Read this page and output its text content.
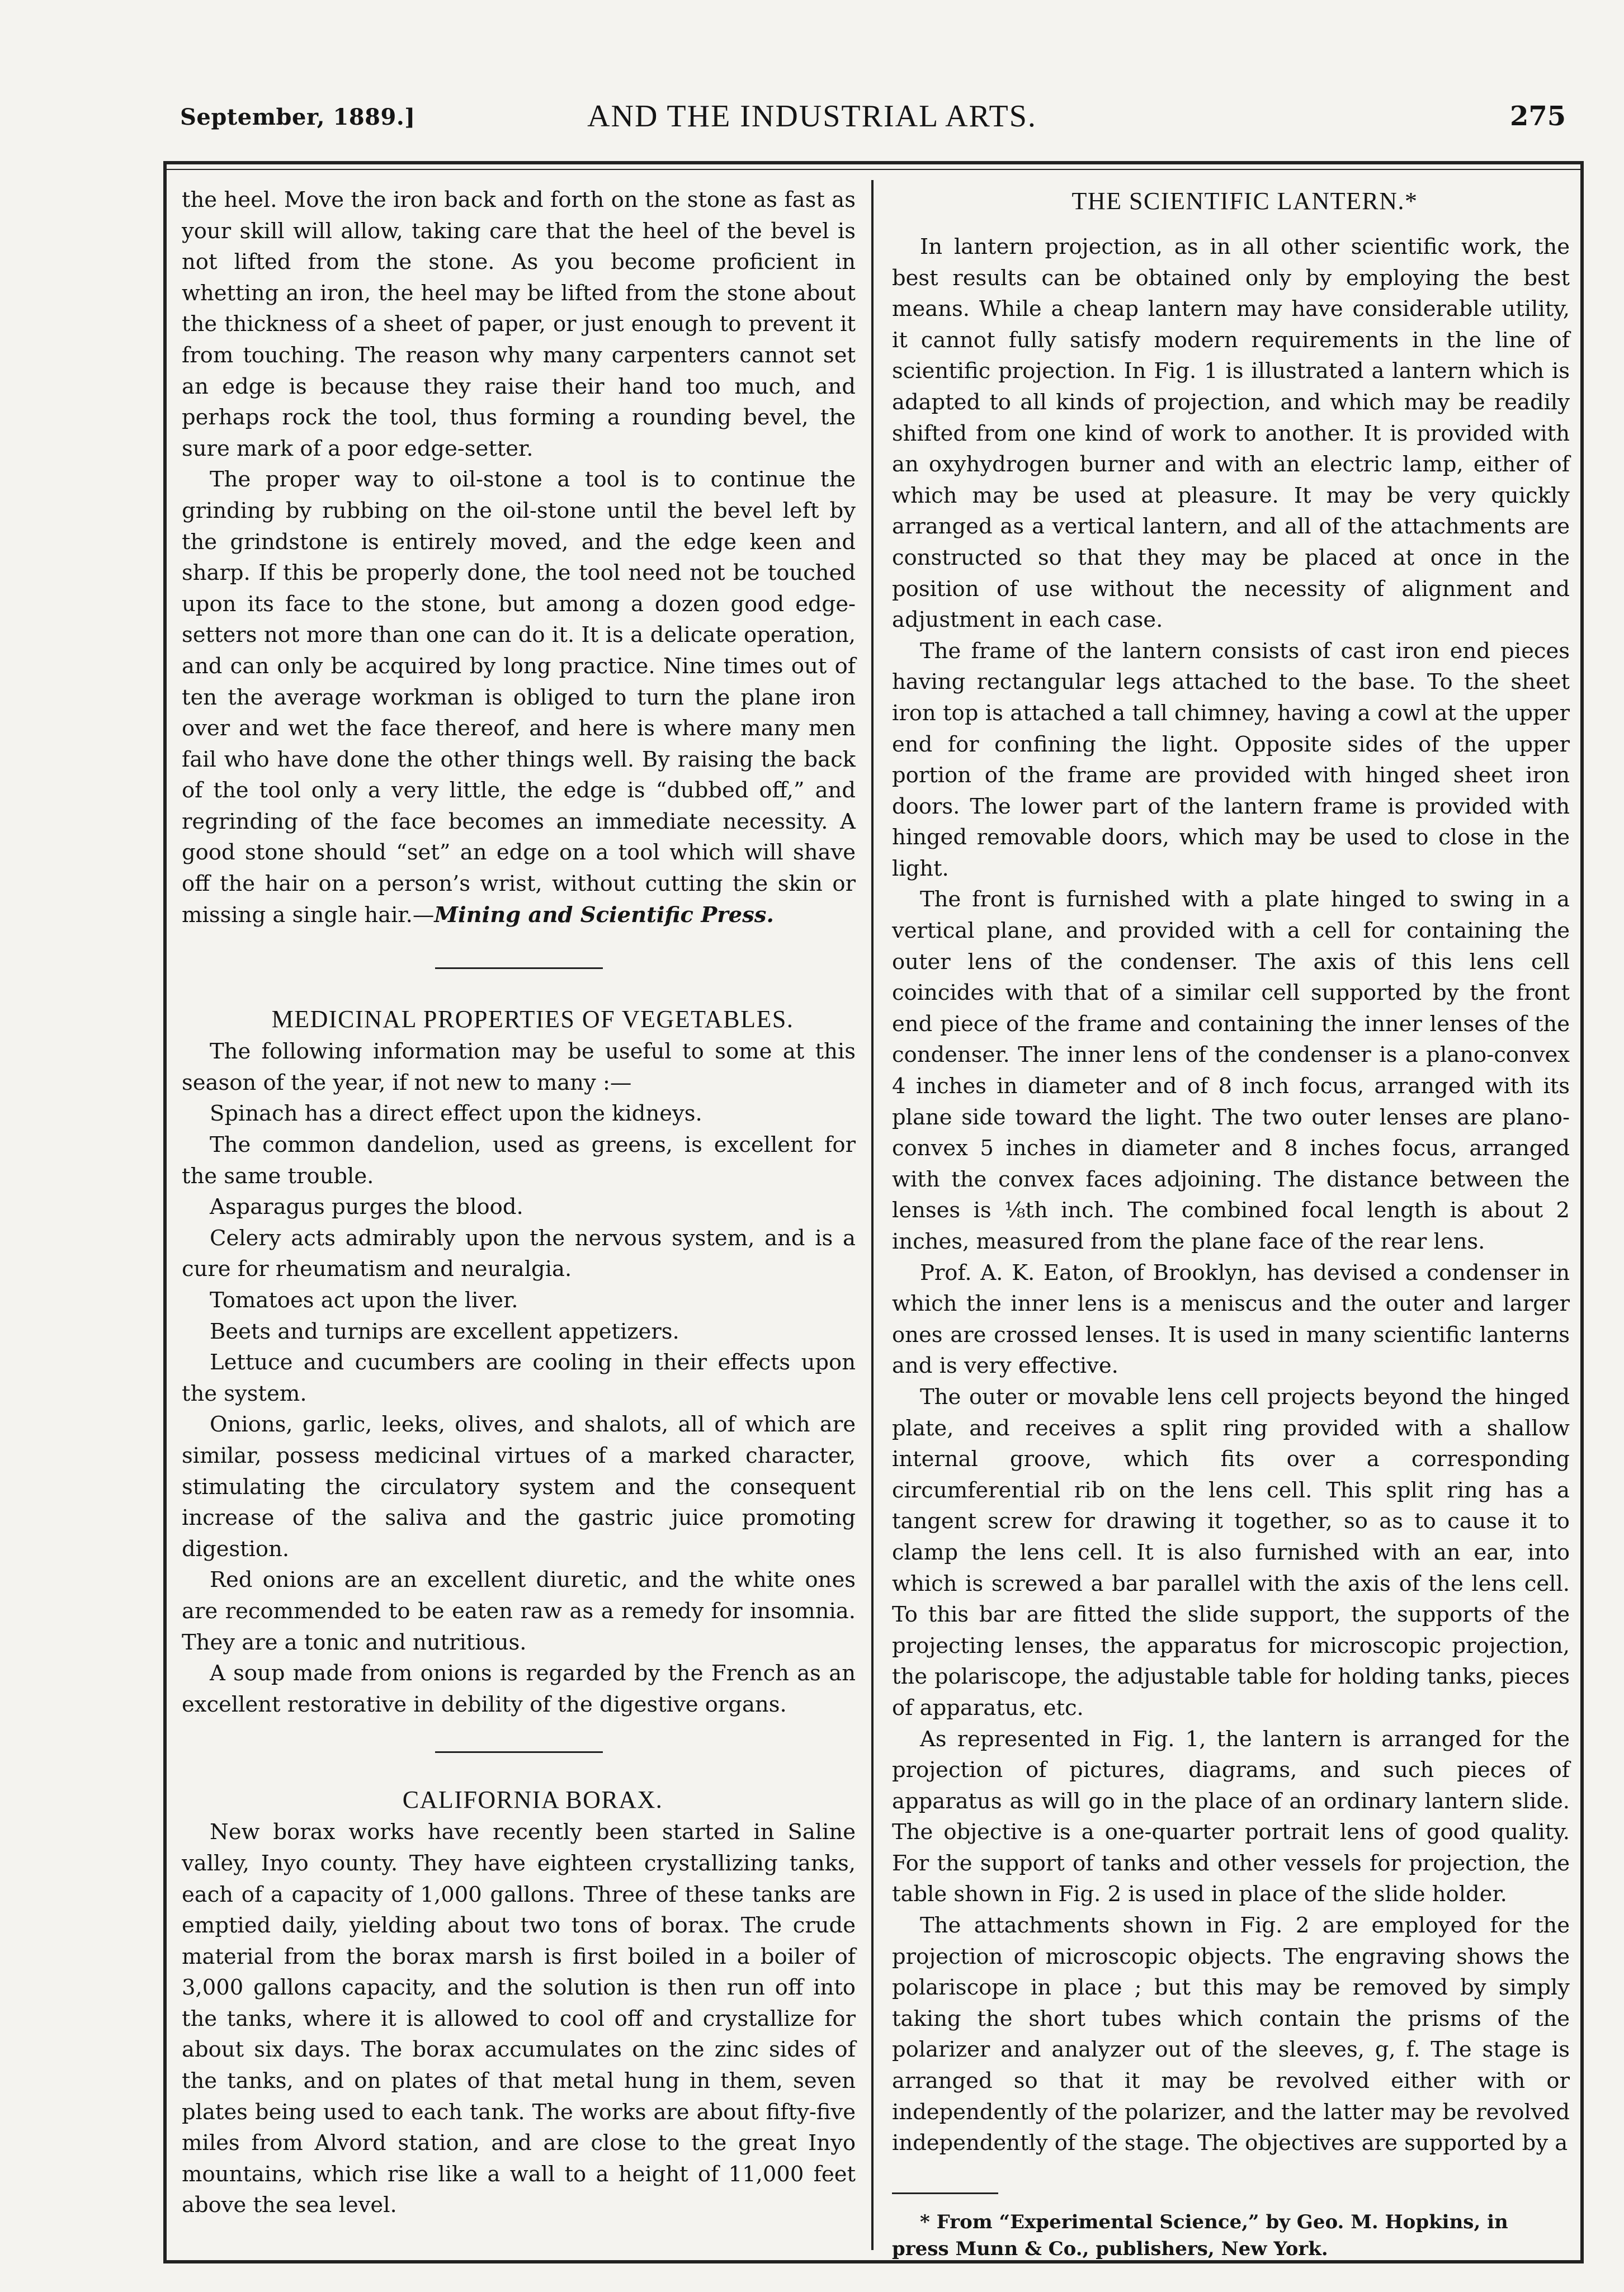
September, 1889.]	AND THE INDUSTRIAL ARTS.	275

the heel. Move the iron back and forth on the stone as fast as your skill will allow, taking care that the heel of the bevel is not lifted from the stone. As you become proficient in whetting an iron, the heel may be lifted from the stone about the thickness of a sheet of paper, or just enough to prevent it from touching. The reason why many carpenters cannot set an edge is because they raise their hand too much, and perhaps rock the tool, thus forming a rounding bevel, the sure mark of a poor edge-setter.

The proper way to oil-stone a tool is to continue the grinding by rubbing on the oil-stone until the bevel left by the grindstone is entirely moved, and the edge keen and sharp. If this be properly done, the tool need not be touched upon its face to the stone, but among a dozen good edge-setters not more than one can do it. It is a delicate operation, and can only be acquired by long practice. Nine times out of ten the average workman is obliged to turn the plane iron over and wet the face thereof, and here is where many men fail who have done the other things well. By raising the back of the tool only a very little, the edge is “dubbed off,” and regrinding of the face becomes an immediate necessity. A good stone should “set” an edge on a tool which will shave off the hair on a person’s wrist, without cutting the skin or missing a single hair.—Mining and Scientific Press.

MEDICINAL PROPERTIES OF VEGETABLES.

The following information may be useful to some at this season of the year, if not new to many :—

Spinach has a direct effect upon the kidneys.

The common dandelion, used as greens, is excellent for the same trouble.

Asparagus purges the blood.

Celery acts admirably upon the nervous system, and is a cure for rheumatism and neuralgia.

Tomatoes act upon the liver.

Beets and turnips are excellent appetizers.

Lettuce and cucumbers are cooling in their effects upon the system.

Onions, garlic, leeks, olives, and shalots, all of which are similar, possess medicinal virtues of a marked character, stimulating the circulatory system and the consequent increase of the saliva and the gastric juice promoting digestion.

Red onions are an excellent diuretic, and the white ones are recommended to be eaten raw as a remedy for insomnia. They are a tonic and nutritious.

A soup made from onions is regarded by the French as an excellent restorative in debility of the digestive organs.

CALIFORNIA BORAX.

New borax works have recently been started in Saline valley, Inyo county. They have eighteen crystallizing tanks, each of a capacity of 1,000 gallons. Three of these tanks are emptied daily, yielding about two tons of borax. The crude material from the borax marsh is first boiled in a boiler of 3,000 gallons capacity, and the solution is then run off into the tanks, where it is allowed to cool off and crystallize for about six days. The borax accumulates on the zinc sides of the tanks, and on plates of that metal hung in them, seven plates being used to each tank. The works are about fifty-five miles from Alvord station, and are close to the great Inyo mountains, which rise like a wall to a height of 11,000 feet above the sea level.

THE SCIENTIFIC LANTERN.*

In lantern projection, as in all other scientific work, the best results can be obtained only by employing the best means. While a cheap lantern may have considerable utility, it cannot fully satisfy modern requirements in the line of scientific projection. In Fig. 1 is illustrated a lantern which is adapted to all kinds of projection, and which may be readily shifted from one kind of work to another. It is provided with an oxyhydrogen burner and with an electric lamp, either of which may be used at pleasure. It may be very quickly arranged as a vertical lantern, and all of the attachments are constructed so that they may be placed at once in the position of use without the necessity of alignment and adjustment in each case.

The frame of the lantern consists of cast iron end pieces having rectangular legs attached to the base. To the sheet iron top is attached a tall chimney, having a cowl at the upper end for confining the light. Opposite sides of the upper portion of the frame are provided with hinged sheet iron doors. The lower part of the lantern frame is provided with hinged removable doors, which may be used to close in the light.

The front is furnished with a plate hinged to swing in a vertical plane, and provided with a cell for containing the outer lens of the condenser. The axis of this lens cell coincides with that of a similar cell supported by the front end piece of the frame and containing the inner lenses of the condenser. The inner lens of the condenser is a plano-convex 4 inches in diameter and of 8 inch focus, arranged with its plane side toward the light. The two outer lenses are plano-convex 5 inches in diameter and 8 inches focus, arranged with the convex faces adjoining. The distance between the lenses is ⅛th inch. The combined focal length is about 2 inches, measured from the plane face of the rear lens.

Prof. A. K. Eaton, of Brooklyn, has devised a condenser in which the inner lens is a meniscus and the outer and larger ones are crossed lenses. It is used in many scientific lanterns and is very effective.

The outer or movable lens cell projects beyond the hinged plate, and receives a split ring provided with a shallow internal groove, which fits over a corresponding circumferential rib on the lens cell. This split ring has a tangent screw for drawing it together, so as to cause it to clamp the lens cell. It is also furnished with an ear, into which is screwed a bar parallel with the axis of the lens cell. To this bar are fitted the slide support, the supports of the projecting lenses, the apparatus for microscopic projection, the polariscope, the adjustable table for holding tanks, pieces of apparatus, etc.

As represented in Fig. 1, the lantern is arranged for the projection of pictures, diagrams, and such pieces of apparatus as will go in the place of an ordinary lantern slide. The objective is a one-quarter portrait lens of good quality. For the support of tanks and other vessels for projection, the table shown in Fig. 2 is used in place of the slide holder.

The attachments shown in Fig. 2 are employed for the projection of microscopic objects. The engraving shows the polariscope in place ; but this may be removed by simply taking the short tubes which contain the prisms of the polarizer and analyzer out of the sleeves, g, f. The stage is arranged so that it may be revolved either with or independently of the polarizer, and the latter may be revolved independently of the stage. The objectives are supported by a

* From “Experimental Science,” by Geo. M. Hopkins, in press Munn & Co., publishers, New York.
